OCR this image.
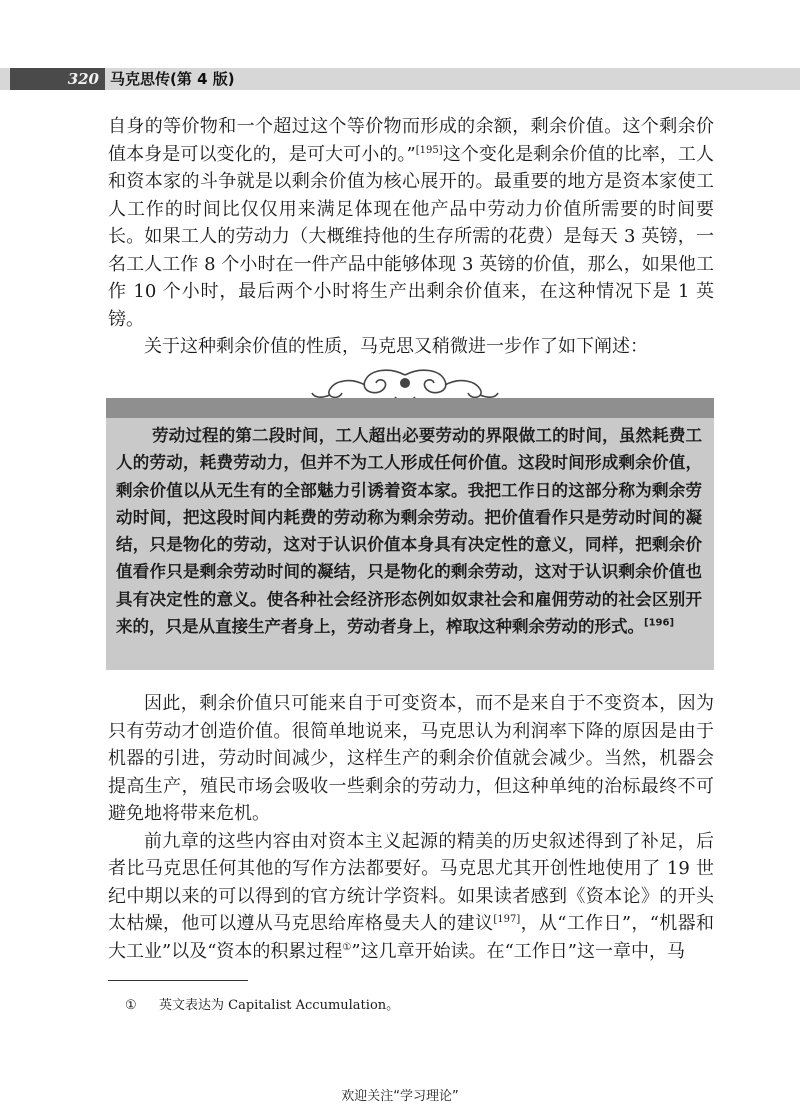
320 马克思传(第 4 版)

自身的等价物和一个超过这个等价物而形成的余额，剩余价值。这个剩余价值本身是可以变化的，是可大可小的。”[195]这个变化是剩余价值的比率，工人和资本家的斗争就是以剩余价值为核心展开的。最重要的地方是资本家使工人工作的时间比仅仅用来满足体现在他产品中劳动力价值所需要的时间要长。如果工人的劳动力（大概维持他的生存所需的花费）是每天 3 英镑，一名工人工作 8 个小时在一件产品中能够体现 3 英镑的价值，那么，如果他工作 10 个小时，最后两个小时将生产出剩余价值来，在这种情况下是 1 英镑。

关于这种剩余价值的性质，马克思又稍微进一步作了如下阐述：

劳动过程的第二段时间，工人超出必要劳动的界限做工的时间，虽然耗费工人的劳动，耗费劳动力，但并不为工人形成任何价值。这段时间形成剩余价值，剩余价值以从无生有的全部魅力引诱着资本家。我把工作日的这部分称为剩余劳动时间，把这段时间内耗费的劳动称为剩余劳动。把价值看作只是劳动时间的凝结，只是物化的劳动，这对于认识价值本身具有决定性的意义，同样，把剩余价值看作只是剩余劳动时间的凝结，只是物化的剩余劳动，这对于认识剩余价值也具有决定性的意义。使各种社会经济形态例如奴隶社会和雇佣劳动的社会区别开来的，只是从直接生产者身上，劳动者身上，榨取这种剩余劳动的形式。[196]

因此，剩余价值只可能来自于可变资本，而不是来自于不变资本，因为只有劳动才创造价值。很简单地说来，马克思认为利润率下降的原因是由于机器的引进，劳动时间减少，这样生产的剩余价值就会减少。当然，机器会提高生产，殖民市场会吸收一些剩余的劳动力，但这种单纯的治标最终不可避免地将带来危机。

前九章的这些内容由对资本主义起源的精美的历史叙述得到了补足，后者比马克思任何其他的写作方法都要好。马克思尤其开创性地使用了 19 世纪中期以来的可以得到的官方统计学资料。如果读者感到《资本论》的开头太枯燥，他可以遵从马克思给库格曼夫人的建议[197]，从“工作日”，“机器和大工业”以及“资本的积累过程①”这几章开始读。在“工作日”这一章中，马

① 英文表达为 Capitalist Accumulation。
欢迎关注“学习理论”
